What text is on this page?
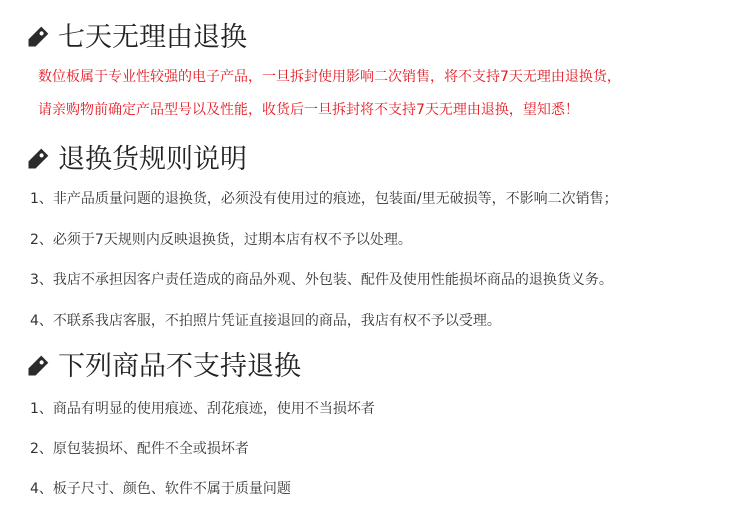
七天无理由退换
数位板属于专业性较强的电子产品，一旦拆封使用影响二次销售，将不支持7天无理由退换货，
请亲购物前确定产品型号以及性能，收货后一旦拆封将不支持7天无理由退换，望知悉！
退换货规则说明
1、非产品质量问题的退换货，必须没有使用过的痕迹，包装面/里无破损等，不影响二次销售；
2、必须于7天规则内反映退换货，过期本店有权不予以处理。
3、我店不承担因客户责任造成的商品外观、外包装、配件及使用性能损坏商品的退换货义务。
4、不联系我店客服，不拍照片凭证直接退回的商品，我店有权不予以受理。
下列商品不支持退换
1、商品有明显的使用痕迹、刮花痕迹，使用不当损坏者
2、原包装损坏、配件不全或损坏者
4、板子尺寸、颜色、软件不属于质量问题
